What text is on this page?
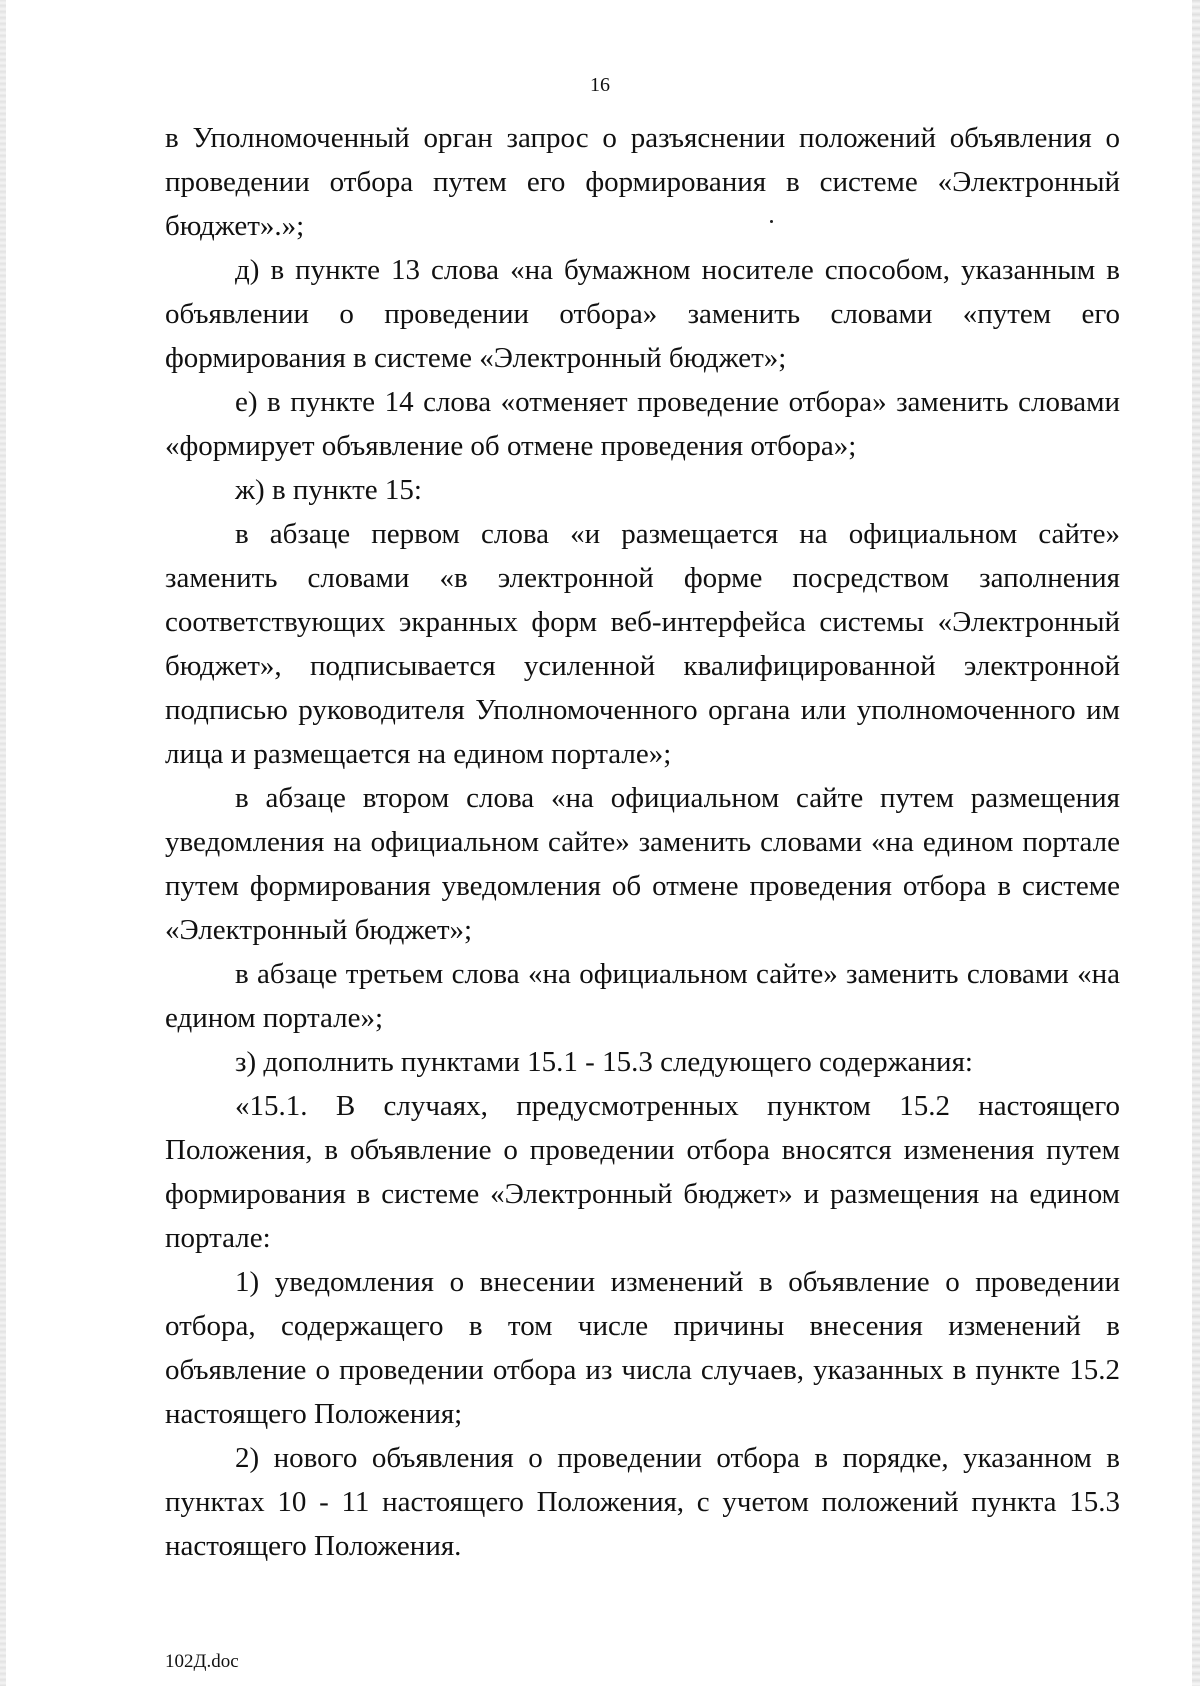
16

в Уполномоченный орган запрос о разъяснении положений объявления о проведении отбора путем его формирования в системе «Электронный бюджет».»;

д) в пункте 13 слова «на бумажном носителе способом, указанным в объявлении о проведении отбора» заменить словами «путем его формирования в системе «Электронный бюджет»;

е) в пункте 14 слова «отменяет проведение отбора» заменить словами «формирует объявление об отмене проведения отбора»;

ж) в пункте 15:

в абзаце первом слова «и размещается на официальном сайте» заменить словами «в электронной форме посредством заполнения соответствующих экранных форм веб-интерфейса системы «Электронный бюджет», подписывается усиленной квалифицированной электронной подписью руководителя Уполномоченного органа или уполномоченного им лица и размещается на едином портале»;

в абзаце втором слова «на официальном сайте путем размещения уведомления на официальном сайте» заменить словами «на едином портале путем формирования уведомления об отмене проведения отбора в системе «Электронный бюджет»;

в абзаце третьем слова «на официальном сайте» заменить словами «на едином портале»;

з) дополнить пунктами 15.1 - 15.3 следующего содержания:

«15.1. В случаях, предусмотренных пунктом 15.2 настоящего Положения, в объявление о проведении отбора вносятся изменения путем формирования в системе «Электронный бюджет» и размещения на едином портале:

1) уведомления о внесении изменений в объявление о проведении отбора, содержащего в том числе причины внесения изменений в объявление о проведении отбора из числа случаев, указанных в пункте 15.2 настоящего Положения;

2) нового объявления о проведении отбора в порядке, указанном в пунктах 10 - 11 настоящего Положения, с учетом положений пункта 15.3 настоящего Положения.

102Д.doc
